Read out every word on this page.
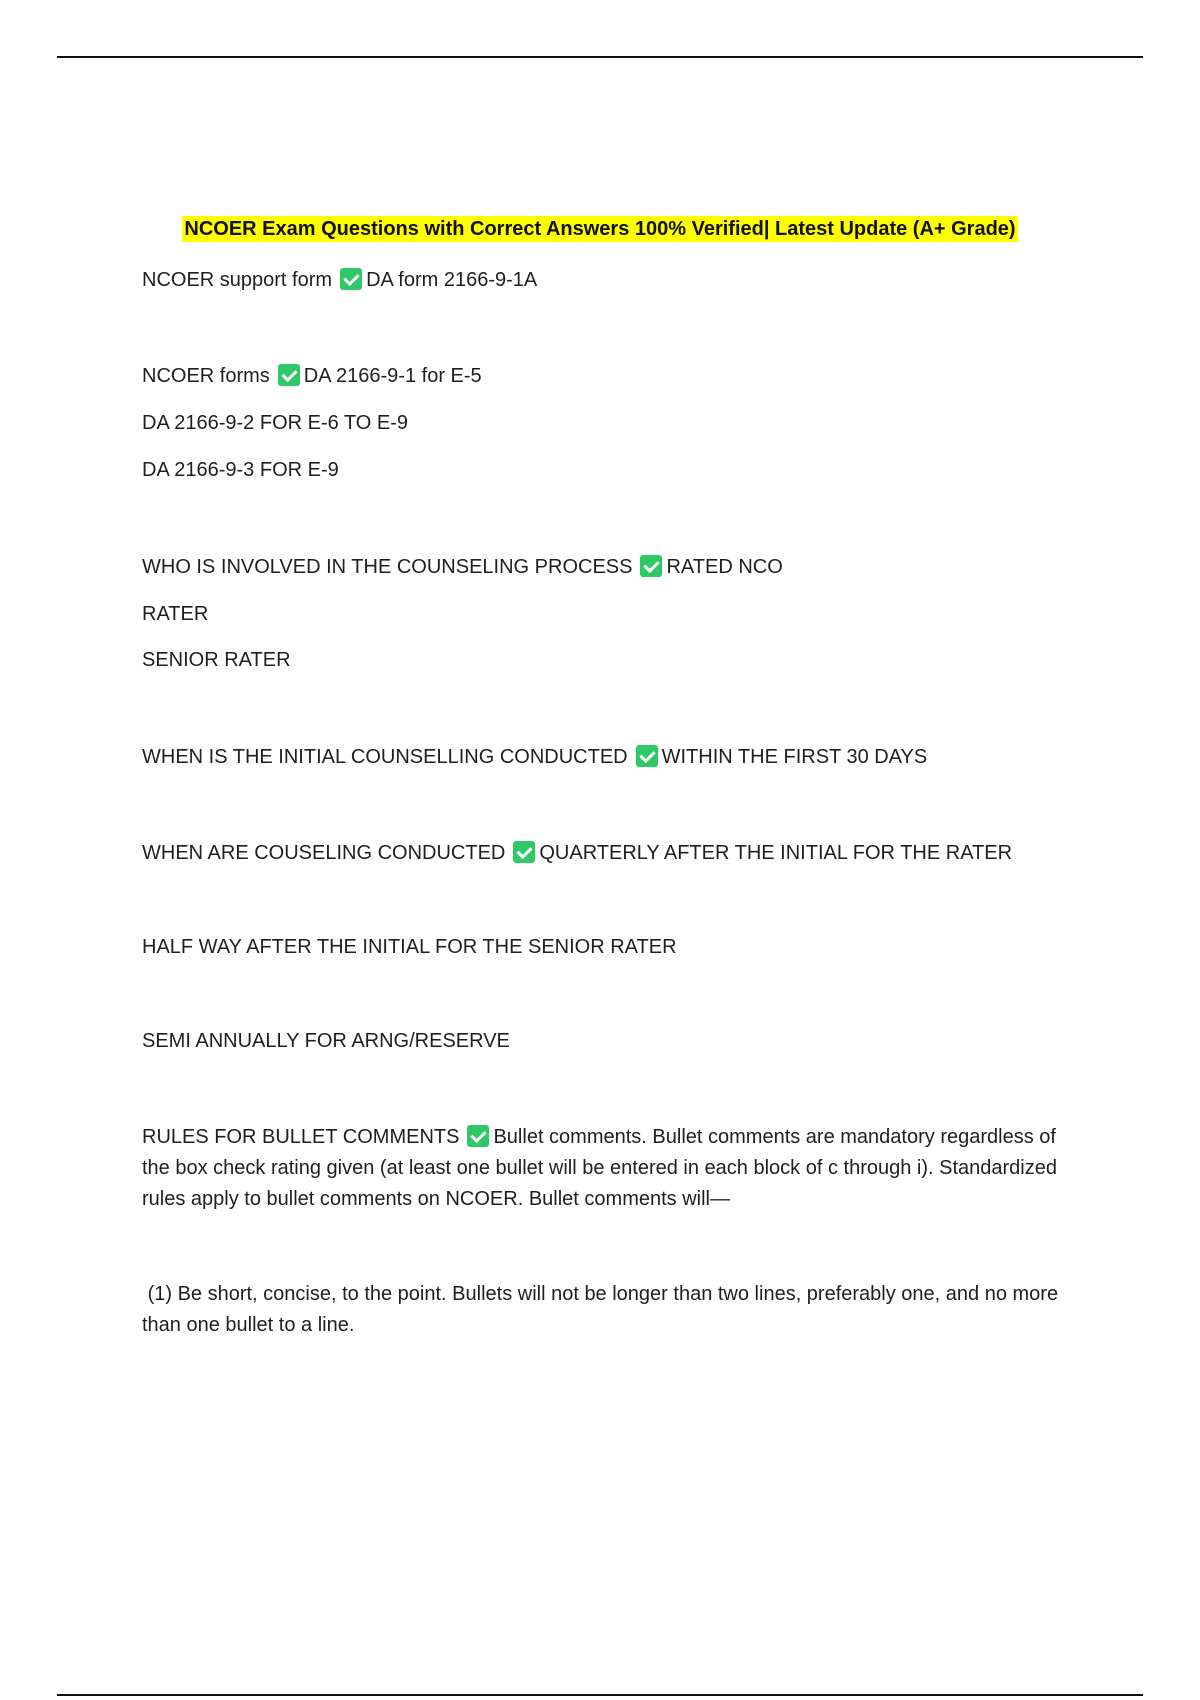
NCOER Exam Questions with Correct Answers 100% Verified| Latest Update (A+ Grade)
NCOER support form DA form 2166-9-1A
NCOER forms DA 2166-9-1 for E-5
DA 2166-9-2 FOR E-6 TO E-9
DA 2166-9-3 FOR E-9
WHO IS INVOLVED IN THE COUNSELING PROCESS RATED NCO
RATER
SENIOR RATER
WHEN IS THE INITIAL COUNSELLING CONDUCTED WITHIN THE FIRST 30 DAYS
WHEN ARE COUSELING CONDUCTED QUARTERLY AFTER THE INITIAL FOR THE RATER
HALF WAY AFTER THE INITIAL FOR THE SENIOR RATER
SEMI ANNUALLY FOR ARNG/RESERVE
RULES FOR BULLET COMMENTS Bullet comments. Bullet comments are mandatory regardless of the box check rating given (at least one bullet will be entered in each block of c through i). Standardized rules apply to bullet comments on NCOER. Bullet comments will—
(1) Be short, concise, to the point. Bullets will not be longer than two lines, preferably one, and no more than one bullet to a line.
